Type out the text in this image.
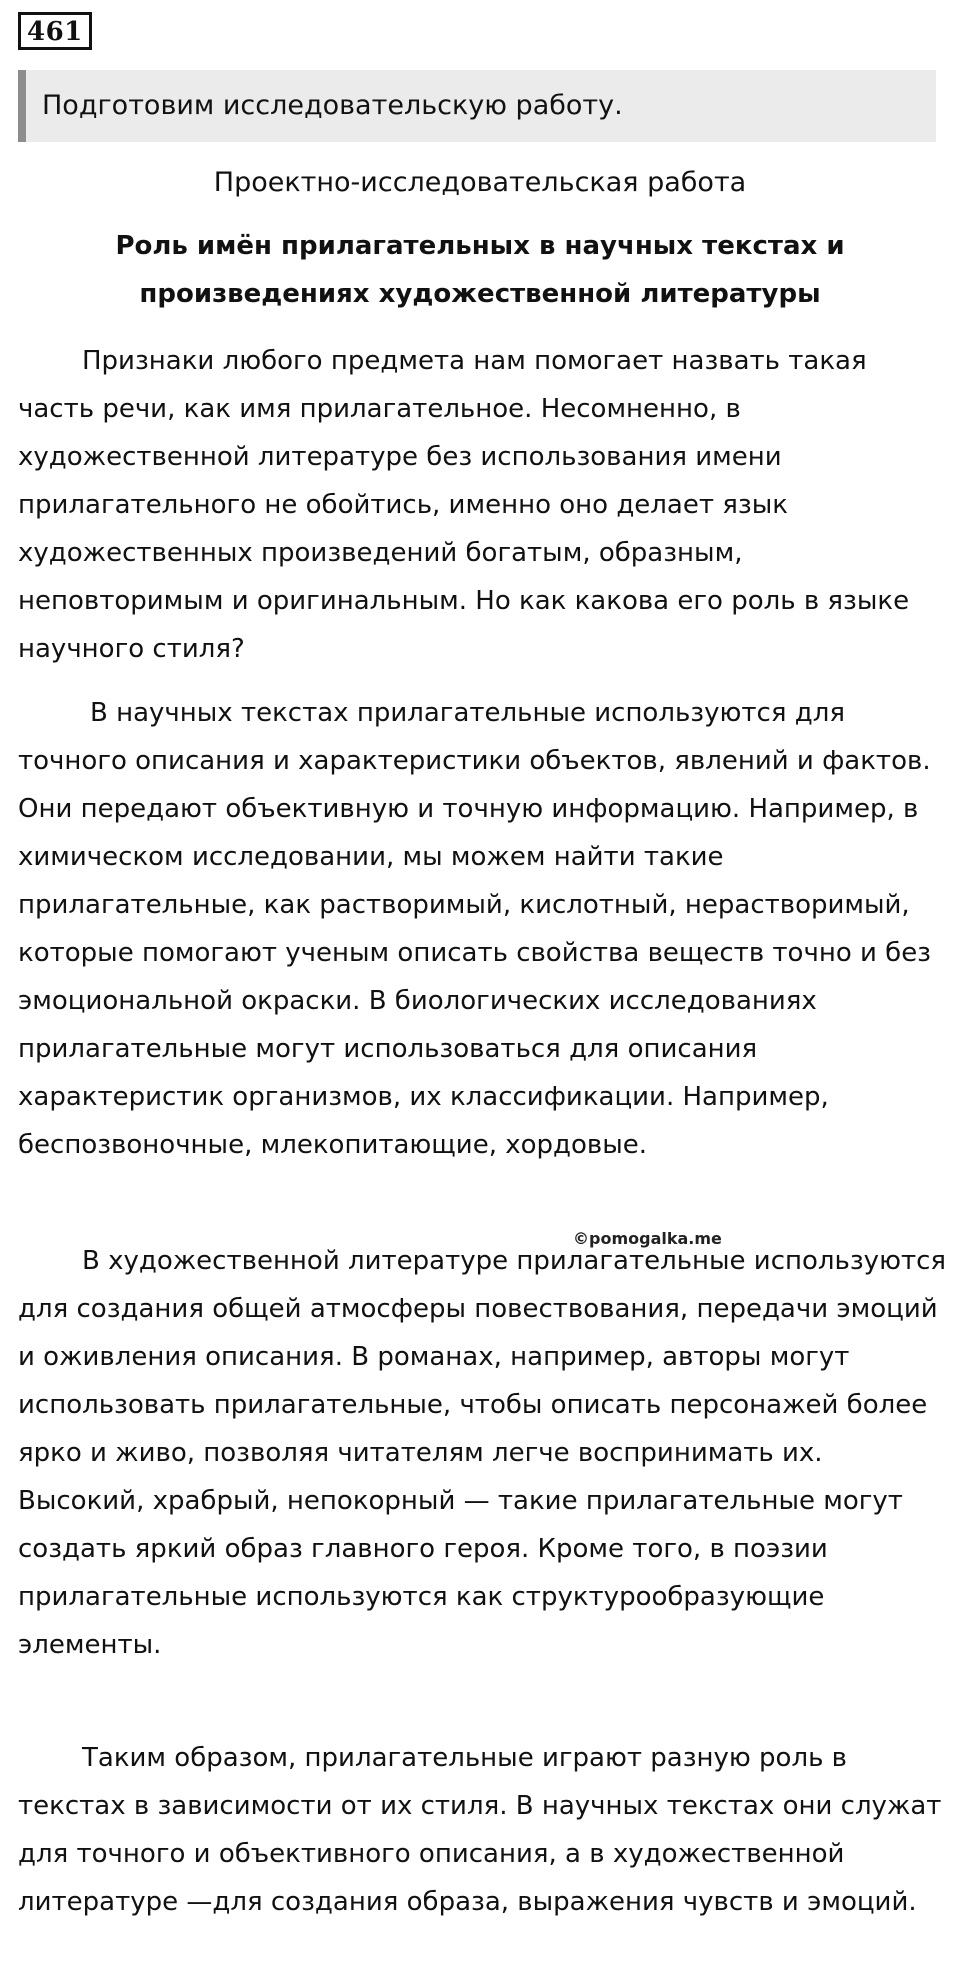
461
Подготовим исследовательскую работу.
Проектно-исследовательская работа
Роль имён прилагательных в научных текстах и произведениях художественной литературы

Признаки любого предмета нам помогает назвать такая часть речи, как имя прилагательное. Несомненно, в художественной литературе без использования имени прилагательного не обойтись, именно оно делает язык художественных произведений богатым, образным, неповторимым и оригинальным. Но как какова его роль в языке научного стиля?

В научных текстах прилагательные используются для точного описания и характеристики объектов, явлений и фактов. Они передают объективную и точную информацию. Например, в химическом исследовании, мы можем найти такие прилагательные, как растворимый, кислотный, нерастворимый, которые помогают ученым описать свойства веществ точно и без эмоциональной окраски. В биологических исследованиях прилагательные могут использоваться для описания характеристик организмов, их классификации. Например, беспозвоночные, млекопитающие, хордовые.

©pomogalka.me

В художественной литературе прилагательные используются для создания общей атмосферы повествования, передачи эмоций и оживления описания. В романах, например, авторы могут использовать прилагательные, чтобы описать персонажей более ярко и живо, позволяя читателям легче воспринимать их. Высокий, храбрый, непокорный — такие прилагательные могут создать яркий образ главного героя. Кроме того, в поэзии прилагательные используются как структурообразующие элементы.

Таким образом, прилагательные играют разную роль в текстах в зависимости от их стиля. В научных текстах они служат для точного и объективного описания, а в художественной литературе —для создания образа, выражения чувств и эмоций.
